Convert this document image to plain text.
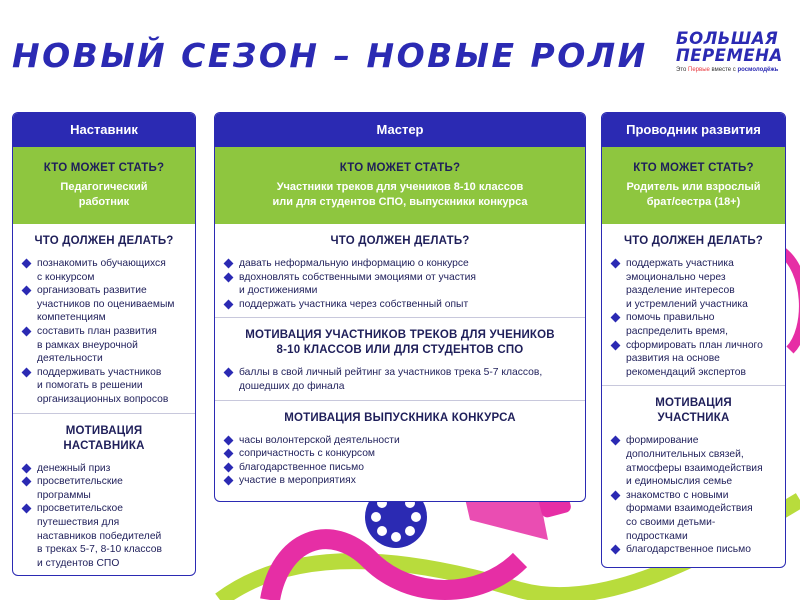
НОВЫЙ СЕЗОН – НОВЫЕ РОЛИ БОЛЬШАЯ
ПЕРЕМЕНА
Это Первые вместе с росмолодёжь
Наставник
КТО МОЖЕТ СТАТЬ?
Педагогический
работник
ЧТО ДОЛЖЕН ДЕЛАТЬ?
познакомить обучающихся
с конкурсом
организовать развитие
участников по оцениваемым
компетенциям
составить план развития
в рамках внеурочной
деятельности
поддерживать участников
и помогать в решении
организационных вопросов
МОТИВАЦИЯ
НАСТАВНИКА
денежный приз
просветительские
программы
просветительское
путешествия для
наставников победителей
в треках 5-7, 8-10 классов
и студентов СПО
Мастер
КТО МОЖЕТ СТАТЬ?
Участники треков для учеников 8-10 классов
или для студентов СПО, выпускники конкурса
ЧТО ДОЛЖЕН ДЕЛАТЬ?
давать неформальную информацию о конкурсе
вдохновлять собственными эмоциями от участия
и достижениями
поддержать участника через собственный опыт
МОТИВАЦИЯ УЧАСТНИКОВ ТРЕКОВ ДЛЯ УЧЕНИКОВ
8-10 КЛАССОВ ИЛИ ДЛЯ СТУДЕНТОВ СПО
баллы в свой личный рейтинг за участников трека 5-7 классов,
дошедших до финала
МОТИВАЦИЯ ВЫПУСКНИКА КОНКУРСА
часы волонтерской деятельности
сопричастность с конкурсом
благодарственное письмо
участие в мероприятиях
Проводник развития
КТО МОЖЕТ СТАТЬ?
Родитель или взрослый
брат/сестра (18+)
ЧТО ДОЛЖЕН ДЕЛАТЬ?
поддержать участника
эмоционально через
разделение интересов
и устремлений участника
помочь правильно
распределить время,
сформировать план личного
развития на основе
рекомендаций экспертов
МОТИВАЦИЯ
УЧАСТНИКА
формирование
дополнительных связей,
атмосферы взаимодействия
и единомыслия семье
знакомство с новыми
формами взаимодействия
со своими детьми-
подростками
благодарственное письмо
